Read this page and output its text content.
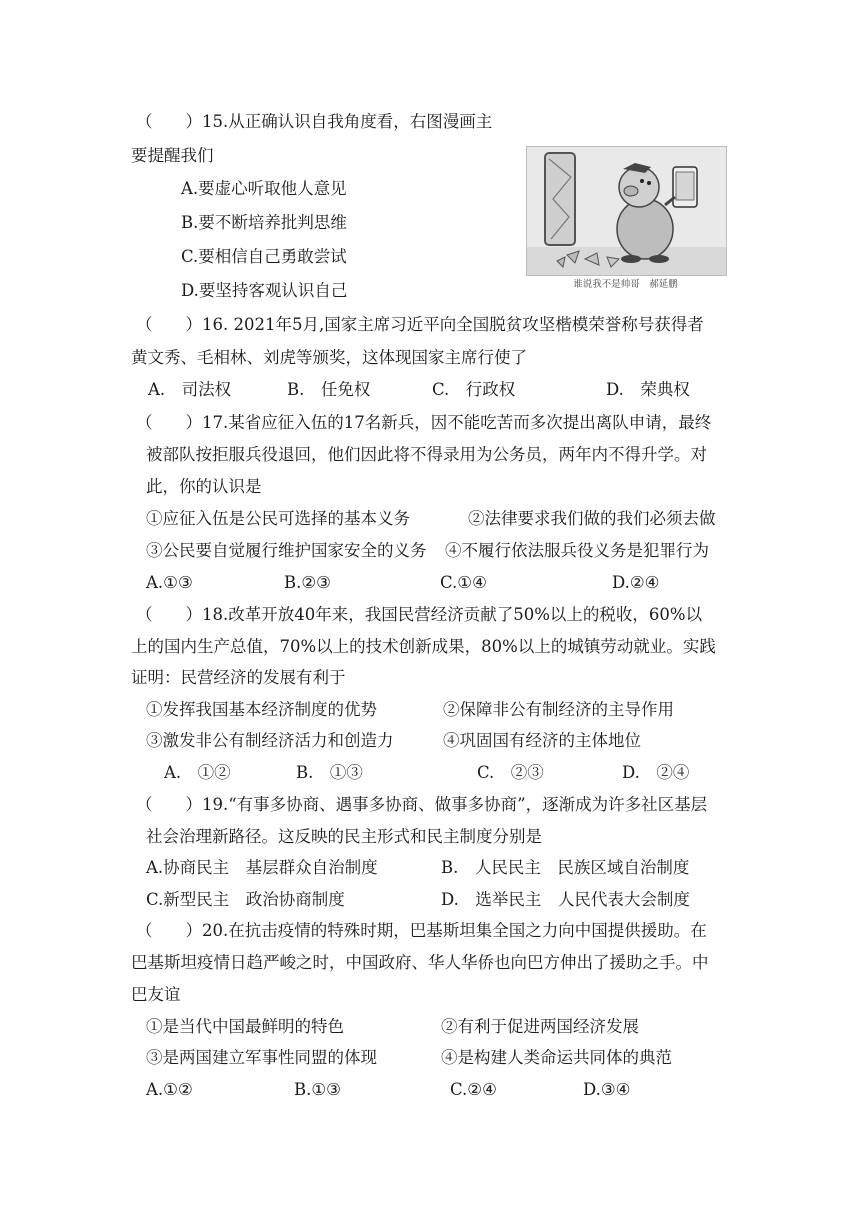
（　　）15.从正确认识自我角度看，右图漫画主
要提醒我们
A.要虚心听取他人意见
B.要不断培养批判思维
C.要相信自己勇敢尝试
D.要坚持客观认识自己	谁说我不是帅哥　郝延鹏
（　　）16. 2021年5月,国家主席习近平向全国脱贫攻坚楷模荣誉称号获得者
黄文秀、毛相林、刘虎等颁奖，这体现国家主席行使了
A.　司法权	B.　任免权	C.　行政权	D.　荣典权
（　　）17.某省应征入伍的17名新兵，因不能吃苦而多次提出离队申请，最终
被部队按拒服兵役退回，他们因此将不得录用为公务员，两年内不得升学。对
此，你的认识是
①应征入伍是公民可选择的基本义务	②法律要求我们做的我们必须去做
③公民要自觉履行维护国家安全的义务 ④不履行依法服兵役义务是犯罪行为
A.①③	B.②③	C.①④	D.②④
（　　）18.改革开放40年来，我国民营经济贡献了50%以上的税收，60%以
上的国内生产总值，70%以上的技术创新成果，80%以上的城镇劳动就业。实践
证明：民营经济的发展有利于
①发挥我国基本经济制度的优势	②保障非公有制经济的主导作用
③激发非公有制经济活力和创造力	④巩固国有经济的主体地位
A.　①②	B.　①③	C.　②③	D.　②④
（　　）19.“有事多协商、遇事多协商、做事多协商”，逐渐成为许多社区基层
社会治理新路径。这反映的民主形式和民主制度分别是
A.协商民主　基层群众自治制度	B.　人民民主　民族区域自治制度
C.新型民主　政治协商制度	D.　选举民主　人民代表大会制度
（　　）20.在抗击疫情的特殊时期，巴基斯坦集全国之力向中国提供援助。在
巴基斯坦疫情日趋严峻之时，中国政府、华人华侨也向巴方伸出了援助之手。中
巴友谊
①是当代中国最鲜明的特色	②有利于促进两国经济发展
③是两国建立军事性同盟的体现	④是构建人类命运共同体的典范
A.①②	B.①③	C.②④	D.③④
